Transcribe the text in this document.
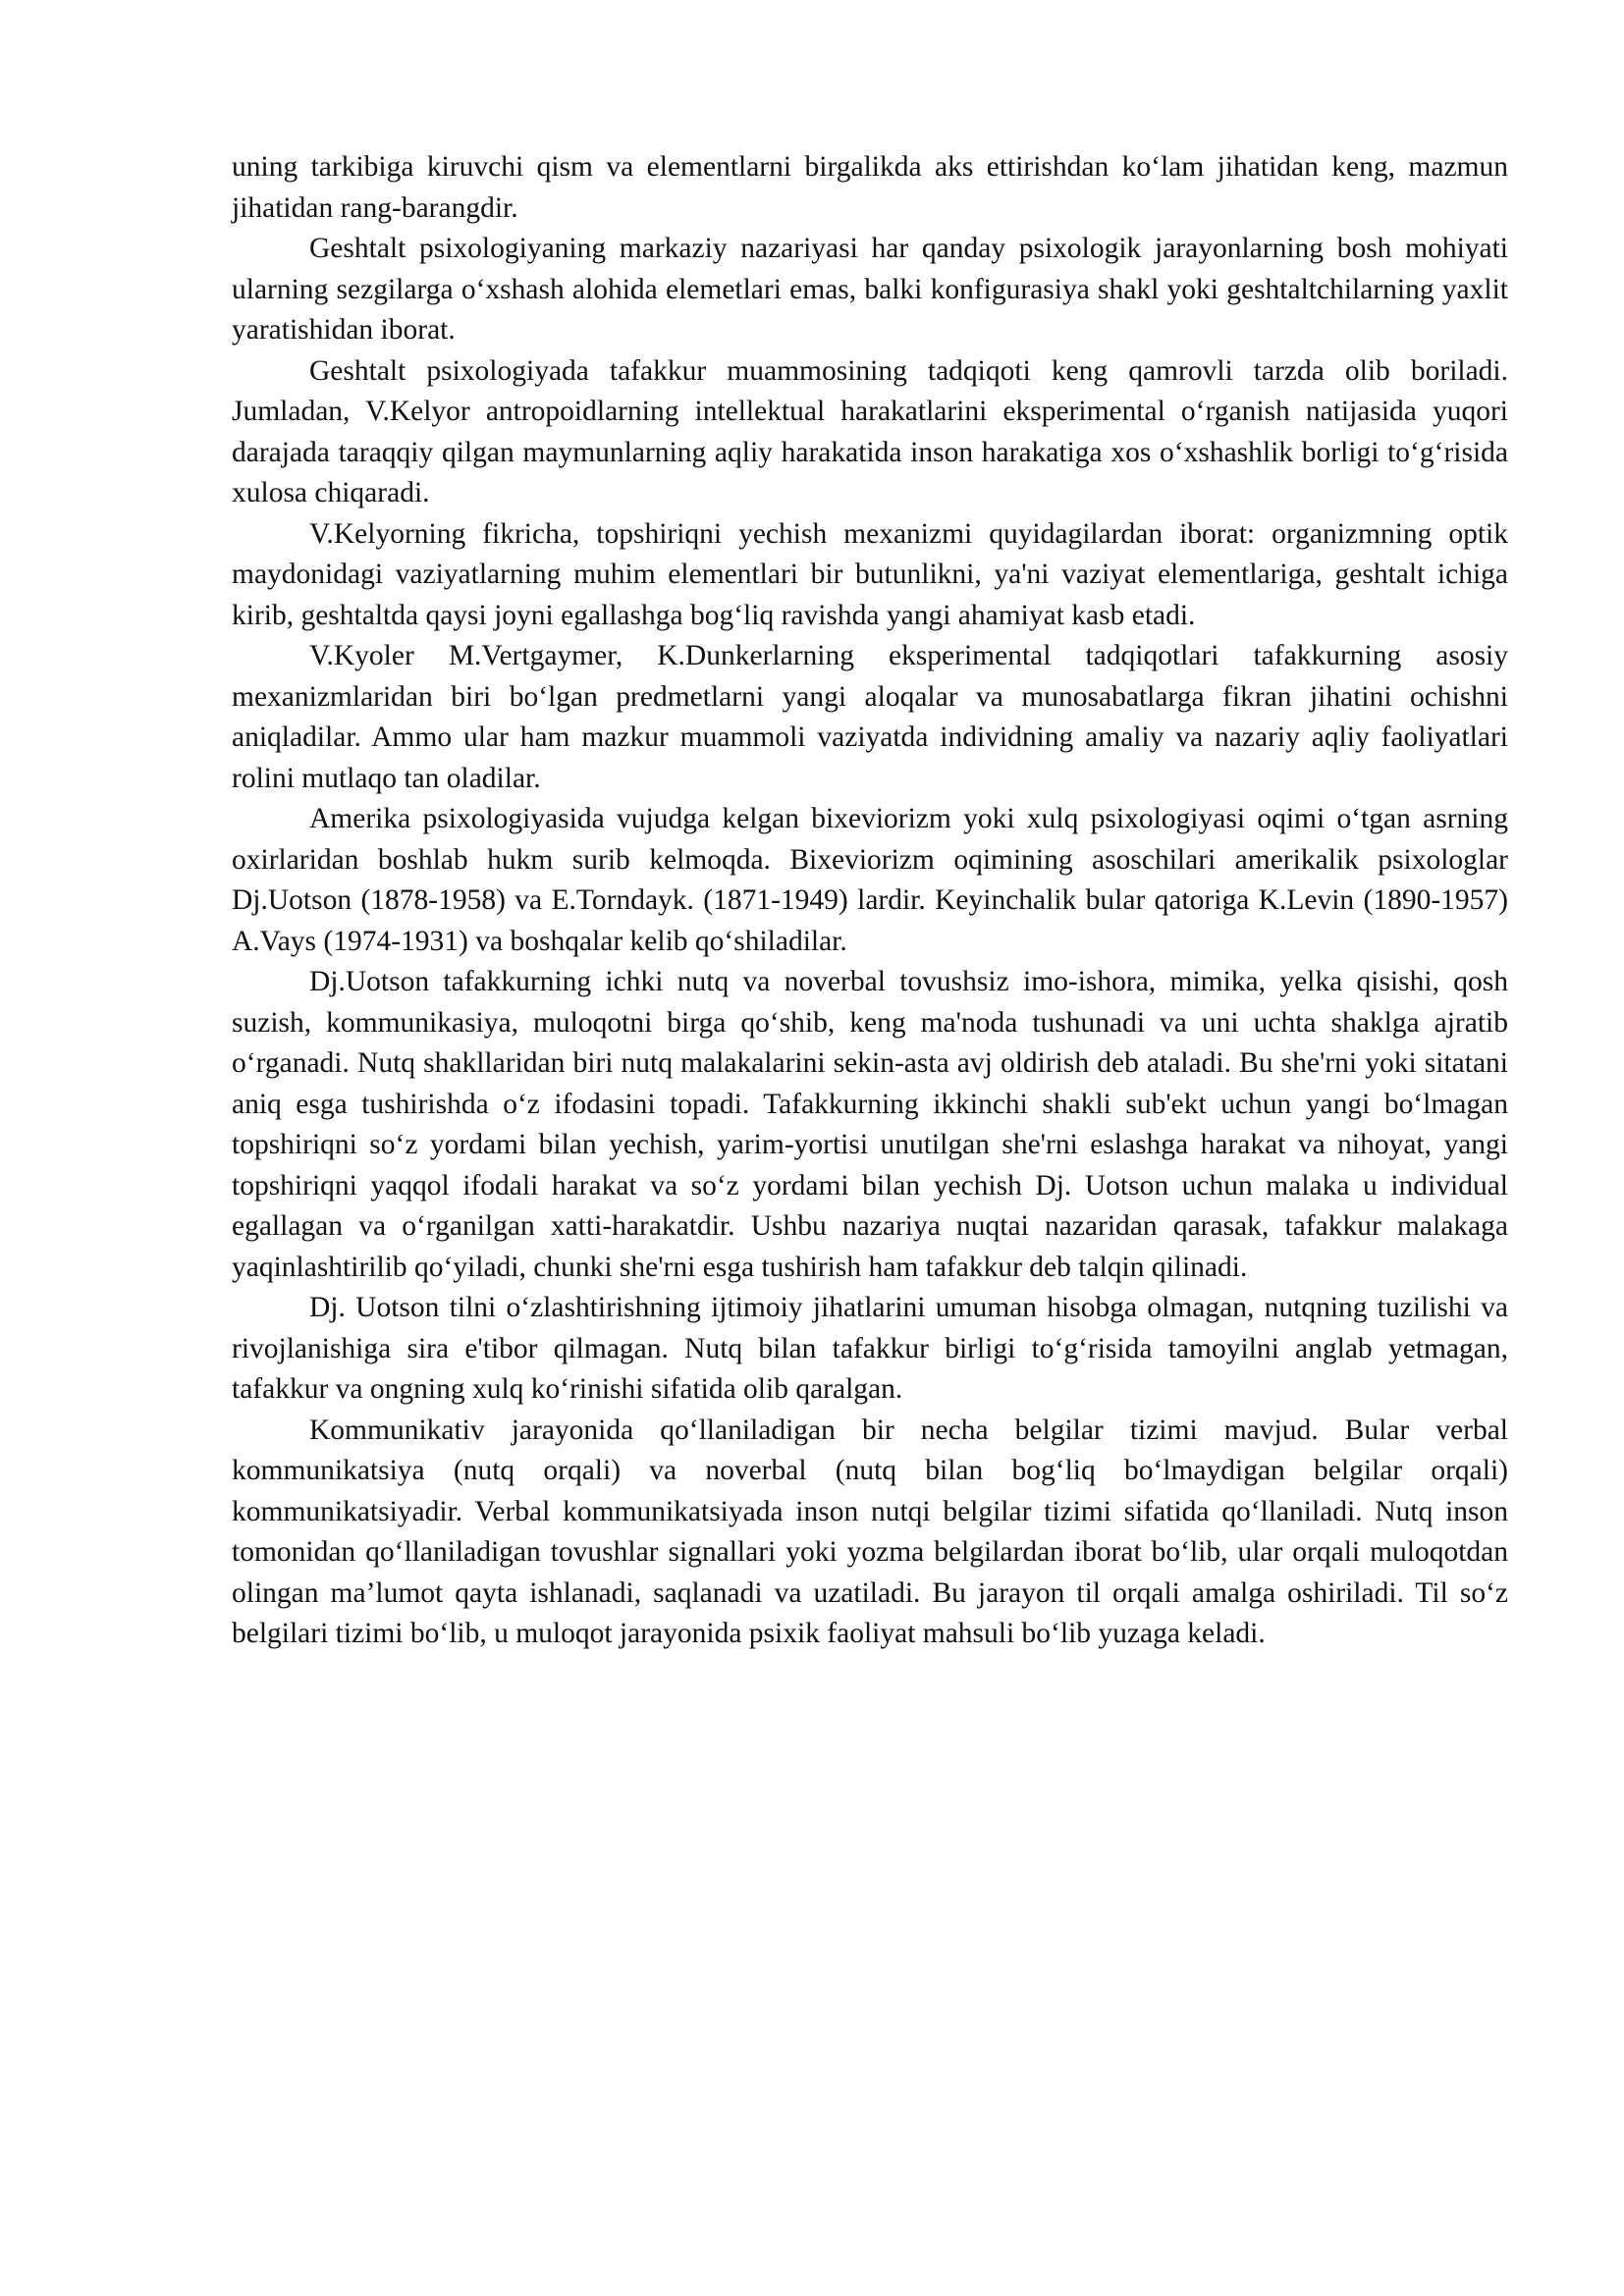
uning tarkibiga kiruvchi qism va elementlarni birgalikda aks ettirishdan ko‘lam jihatidan keng, mazmun jihatidan rang-barangdir.

Geshtalt psixologiyaning markaziy nazariyasi har qanday psixologik jarayonlarning bosh mohiyati ularning sezgilarga o‘xshash alohida elemetlari emas, balki konfigurasiya shakl yoki geshtaltchilarning yaxlit yaratishidan iborat.

Geshtalt psixologiyada tafakkur muammosining tadqiqoti keng qamrovli tarzda olib boriladi. Jumladan, V.Kelyor antropoidlarning intellektual harakatlarini eksperimental o‘rganish natijasida yuqori darajada taraqqiy qilgan maymunlarning aqliy harakatida inson harakatiga xos o‘xshashlik borligi to‘g‘risida xulosa chiqaradi.

V.Kelyorning fikricha, topshiriqni yechish mexanizmi quyidagilardan iborat: organizmning optik maydonidagi vaziyatlarning muhim elementlari bir butunlikni, ya'ni vaziyat elementlariga, geshtalt ichiga kirib, geshtaltda qaysi joyni egallashga bog‘liq ravishda yangi ahamiyat kasb etadi.

V.Kyoler M.Vertgaymer, K.Dunkerlarning eksperimental tadqiqotlari tafakkurning asosiy mexanizmlaridan biri bo‘lgan predmetlarni yangi aloqalar va munosabatlarga fikran jihatini ochishni aniqladilar. Ammo ular ham mazkur muammoli vaziyatda individning amaliy va nazariy aqliy faoliyatlari rolini mutlaqo tan oladilar.

Amerika psixologiyasida vujudga kelgan bixeviorizm yoki xulq psixologiyasi oqimi o‘tgan asrning oxirlaridan boshlab hukm surib kelmoqda. Bixeviorizm oqimining asoschilari amerikalik psixologlar Dj.Uotson (1878-1958) va E.Torndayk. (1871-1949) lardir. Keyinchalik bular qatoriga K.Levin (1890-1957) A.Vays (1974-1931) va boshqalar kelib qo‘shiladilar.

Dj.Uotson tafakkurning ichki nutq va noverbal tovushsiz imo-ishora, mimika, yelka qisishi, qosh suzish, kommunikasiya, muloqotni birga qo‘shib, keng ma'noda tushunadi va uni uchta shaklga ajratib o‘rganadi. Nutq shakllaridan biri nutq malakalarini sekin-asta avj oldirish deb ataladi. Bu she'rni yoki sitatani aniq esga tushirishda o‘z ifodasini topadi. Tafakkurning ikkinchi shakli sub'ekt uchun yangi bo‘lmagan topshiriqni so‘z yordami bilan yechish, yarim-yortisi unutilgan she'rni eslashga harakat va nihoyat, yangi topshiriqni yaqqol ifodali harakat va so‘z yordami bilan yechish Dj. Uotson uchun malaka u individual egallagan va o‘rganilgan xatti-harakatdir. Ushbu nazariya nuqtai nazaridan qarasak, tafakkur malakaga yaqinlashtirilib qo‘yiladi, chunki she'rni esga tushirish ham tafakkur deb talqin qilinadi.

Dj. Uotson tilni o‘zlashtirishning ijtimoiy jihatlarini umuman hisobga olmagan, nutqning tuzilishi va rivojlanishiga sira e'tibor qilmagan. Nutq bilan tafakkur birligi to‘g‘risida tamoyilni anglab yetmagan, tafakkur va ongning xulq ko‘rinishi sifatida olib qaralgan.

Kommunikativ jarayonida qo‘llaniladigan bir necha belgilar tizimi mavjud. Bular verbal kommunikatsiya (nutq orqali) va noverbal (nutq bilan bog‘liq bo‘lmaydigan belgilar orqali) kommunikatsiyadir. Verbal kommunikatsiyada inson nutqi belgilar tizimi sifatida qo‘llaniladi. Nutq inson tomonidan qo‘llaniladigan tovushlar signallari yoki yozma belgilardan iborat bo‘lib, ular orqali muloqotdan olingan ma’lumot qayta ishlanadi, saqlanadi va uzatiladi. Bu jarayon til orqali amalga oshiriladi. Til so‘z belgilari tizimi bo‘lib, u muloqot jarayonida psixik faoliyat mahsuli bo‘lib yuzaga keladi.
